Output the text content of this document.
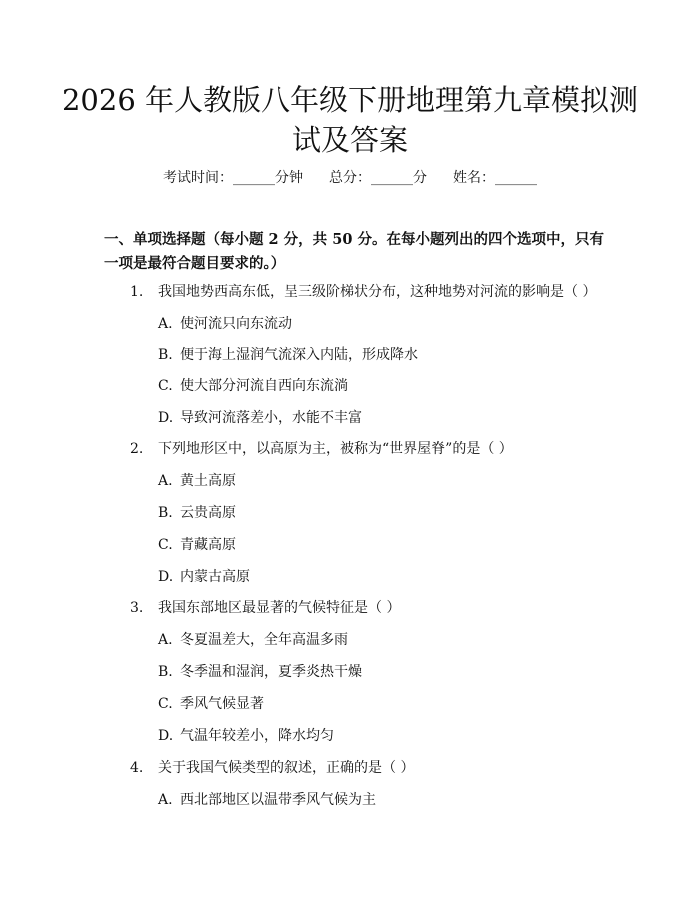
2026 年人教版八年级下册地理第九章模拟测
试及答案
考试时间：______分钟 总分：______分 姓名：______
一、单项选择题（每小题 2 分，共 50 分。在每小题列出的四个选项中，只有一项是最符合题目要求的。）
1. 我国地势西高东低，呈三级阶梯状分布，这种地势对河流的影响是（ ）
A. 使河流只向东流动
B. 便于海上湿润气流深入内陆，形成降水
C. 使大部分河流自西向东流淌
D. 导致河流落差小，水能不丰富
2. 下列地形区中，以高原为主，被称为“世界屋脊”的是（ ）
A. 黄土高原
B. 云贵高原
C. 青藏高原
D. 内蒙古高原
3. 我国东部地区最显著的气候特征是（ ）
A. 冬夏温差大，全年高温多雨
B. 冬季温和湿润，夏季炎热干燥
C. 季风气候显著
D. 气温年较差小，降水均匀
4. 关于我国气候类型的叙述，正确的是（ ）
A. 西北部地区以温带季风气候为主
